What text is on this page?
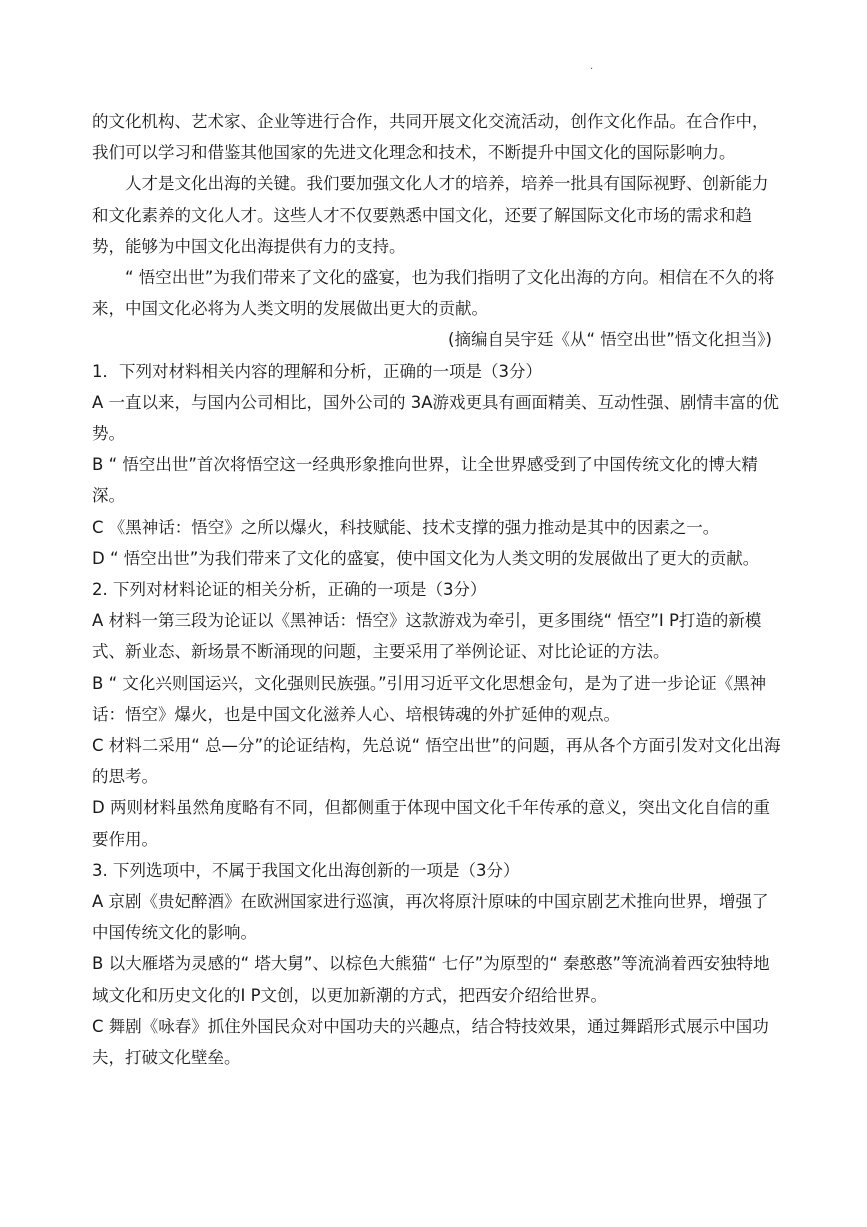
·

的文化机构、艺术家、企业等进行合作，共同开展文化交流活动，创作文化作品。在合作中，我们可以学习和借鉴其他国家的先进文化理念和技术，不断提升中国文化的国际影响力。

人才是文化出海的关键。我们要加强文化人才的培养，培养一批具有国际视野、创新能力和文化素养的文化人才。这些人才不仅要熟悉中国文化，还要了解国际文化市场的需求和趋势，能够为中国文化出海提供有力的支持。

“ 悟空出世”为我们带来了文化的盛宴，也为我们指明了文化出海的方向。相信在不久的将来，中国文化必将为人类文明的发展做出更大的贡献。

(摘编自吴宇廷《从“ 悟空出世”悟文化担当》)

1．下列对材料相关内容的理解和分析，正确的一项是（3分）

A 一直以来，与国内公司相比，国外公司的 3A游戏更具有画面精美、互动性强、剧情丰富的优势。

B “ 悟空出世”首次将悟空这一经典形象推向世界，让全世界感受到了中国传统文化的博大精深。

C 《黑神话：悟空》之所以爆火，科技赋能、技术支撑的强力推动是其中的因素之一。

D “ 悟空出世”为我们带来了文化的盛宴，使中国文化为人类文明的发展做出了更大的贡献。

2. 下列对材料论证的相关分析，正确的一项是（3分）

A 材料一第三段为论证以《黑神话：悟空》这款游戏为牵引，更多围绕“ 悟空”I P打造的新模式、新业态、新场景不断涌现的问题，主要采用了举例论证、对比论证的方法。

B “ 文化兴则国运兴，文化强则民族强。”引用习近平文化思想金句，是为了进一步论证《黑神话：悟空》爆火，也是中国文化滋养人心、培根铸魂的外扩延伸的观点。

C 材料二采用“ 总—分”的论证结构，先总说“ 悟空出世”的问题，再从各个方面引发对文化出海的思考。

D 两则材料虽然角度略有不同，但都侧重于体现中国文化千年传承的意义，突出文化自信的重要作用。

3. 下列选项中，不属于我国文化出海创新的一项是（3分）

A 京剧《贵妃醉酒》在欧洲国家进行巡演，再次将原汁原味的中国京剧艺术推向世界，增强了中国传统文化的影响。

B 以大雁塔为灵感的“ 塔大舅”、以棕色大熊猫“ 七仔”为原型的“ 秦憨憨”等流淌着西安独特地域文化和历史文化的I P文创，以更加新潮的方式，把西安介绍给世界。

C 舞剧《咏春》抓住外国民众对中国功夫的兴趣点，结合特技效果，通过舞蹈形式展示中国功夫，打破文化壁垒。
